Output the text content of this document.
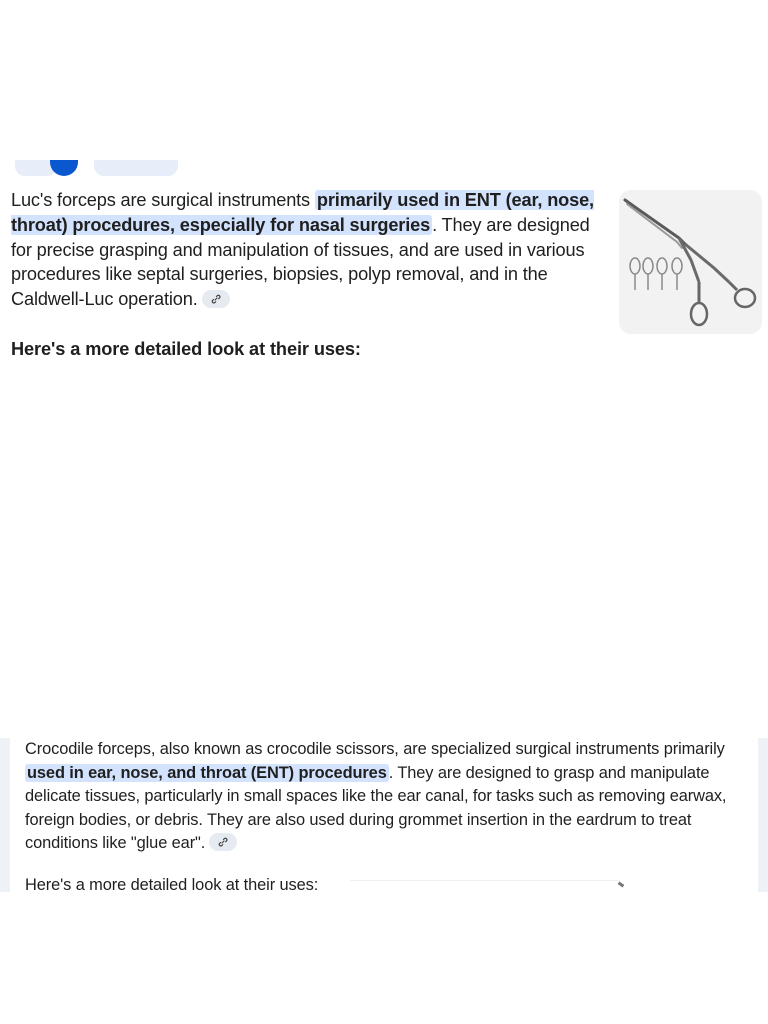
Luc's forceps are surgical instruments primarily used in ENT (ear, nose, throat) procedures, especially for nasal surgeries . They are designed for precise grasping and manipulation of tissues, and are used in various procedures like septal surgeries, biopsies, polyp removal, and in the Caldwell-Luc operation.
Here's a more detailed look at their uses:
Crocodile forceps, also known as crocodile scissors, are specialized surgical instruments primarily used in ear, nose, and throat (ENT) procedures . They are designed to grasp and manipulate delicate tissues, particularly in small spaces like the ear canal, for tasks such as removing earwax, foreign bodies, or debris. They are also used during grommet insertion in the eardrum to treat conditions like "glue ear".
Here's a more detailed look at their uses:
